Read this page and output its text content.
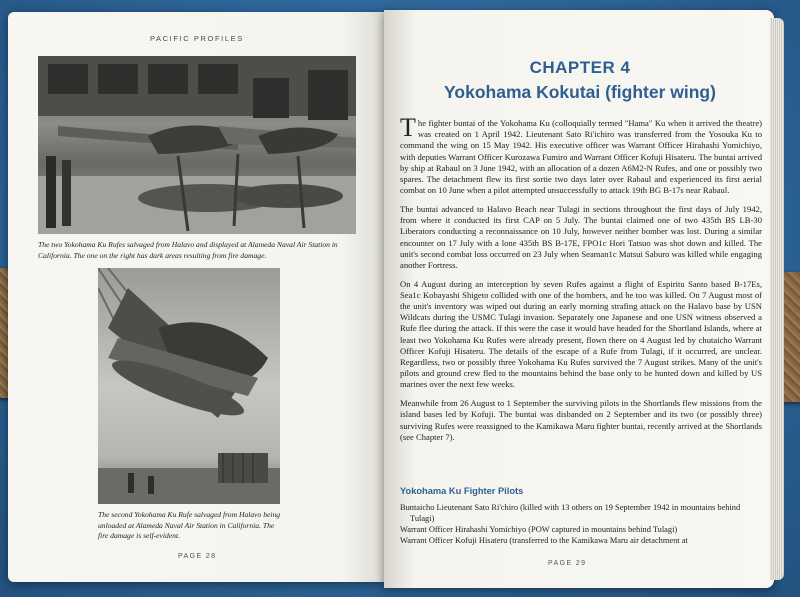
PACIFIC PROFILES
The two Yokohama Ku Rufes salvaged from Halavo and displayed at Alameda Naval Air Station in California. The one on the right has dark areas resulting from fire damage.
The second Yokohama Ku Rufe salvaged from Halavo being unloaded at Alameda Naval Air Station in California. The fire damage is self-evident.
PAGE 28
CHAPTER 4
Yokohama Kokutai (fighter wing)

The fighter buntai of the Yokohama Ku (colloquially termed "Hama" Ku when it arrived the theatre) was created on 1 April 1942. Lieutenant Sato Ri'ichiro was transferred from the Yosouka Ku to command the wing on 15 May 1942. His executive officer was Warrant Officer Hirahashi Yomichiyo, with deputies Warrant Officer Kurozawa Fumiro and Warrant Officer Kofuji Hisateru. The buntai arrived by ship at Rabaul on 3 June 1942, with an allocation of a dozen A6M2-N Rufes, and one or possibly two spares. The detachment flew its first sortie two days later over Rabaul and experienced its first aerial combat on 10 June when a pilot attempted unsuccessfully to attack 19th BG B-17s near Rabaul.

The buntai advanced to Halavo Beach near Tulagi in sections throughout the first days of July 1942, from where it conducted its first CAP on 5 July. The buntai claimed one of two 435th BS LB-30 Liberators conducting a reconnaissance on 10 July, however neither bomber was lost. During a similar encounter on 17 July with a lone 435th BS B-17E, FPO1c Hori Tatsuo was shot down and killed. The unit's second combat loss occurred on 23 July when Seaman1c Matsui Saburo was killed while engaging another Fortress.

On 4 August during an interception by seven Rufes against a flight of Espiritu Santo based B-17Es, Sea1c Kobayashi Shigeto collided with one of the bombers, and he too was killed. On 7 August most of the unit's inventory was wiped out during an early morning strafing attack on the Halavo base by USN Wildcats during the USMC Tulagi invasion. Separately one Japanese and one USN witness observed a Rufe flee during the attack. If this were the case it would have headed for the Shortland Islands, where at least two Yokohama Ku Rufes were already present, flown there on 4 August led by chutaicho Warrant Officer Kofuji Hisateru. The details of the escape of a Rufe from Tulagi, if it occurred, are unclear. Regardless, two or possibly three Yokohama Ku Rufes survived the 7 August strikes. Many of the unit's pilots and ground crew fled to the mountains behind the base only to be hunted down and killed by US marines over the next few weeks.

Meanwhile from 26 August to 1 September the surviving pilots in the Shortlands flew missions from the island bases led by Kofuji. The buntai was disbanded on 2 September and its two (or possibly three) surviving Rufes were reassigned to the Kamikawa Maru fighter buntai, recently arrived at the Shortlands (see Chapter 7).

Yokohama Ku Fighter Pilots
Buntaicho Lieutenant Sato Ri'chiro (killed with 13 others on 19 September 1942 in mountains behind Tulagi)
Warrant Officer Hirahashi Yomichiyo (POW captured in mountains behind Tulagi)
Warrant Officer Kofuji Hisateru (transferred to the Kamikawa Maru air detachment at
PAGE 29
